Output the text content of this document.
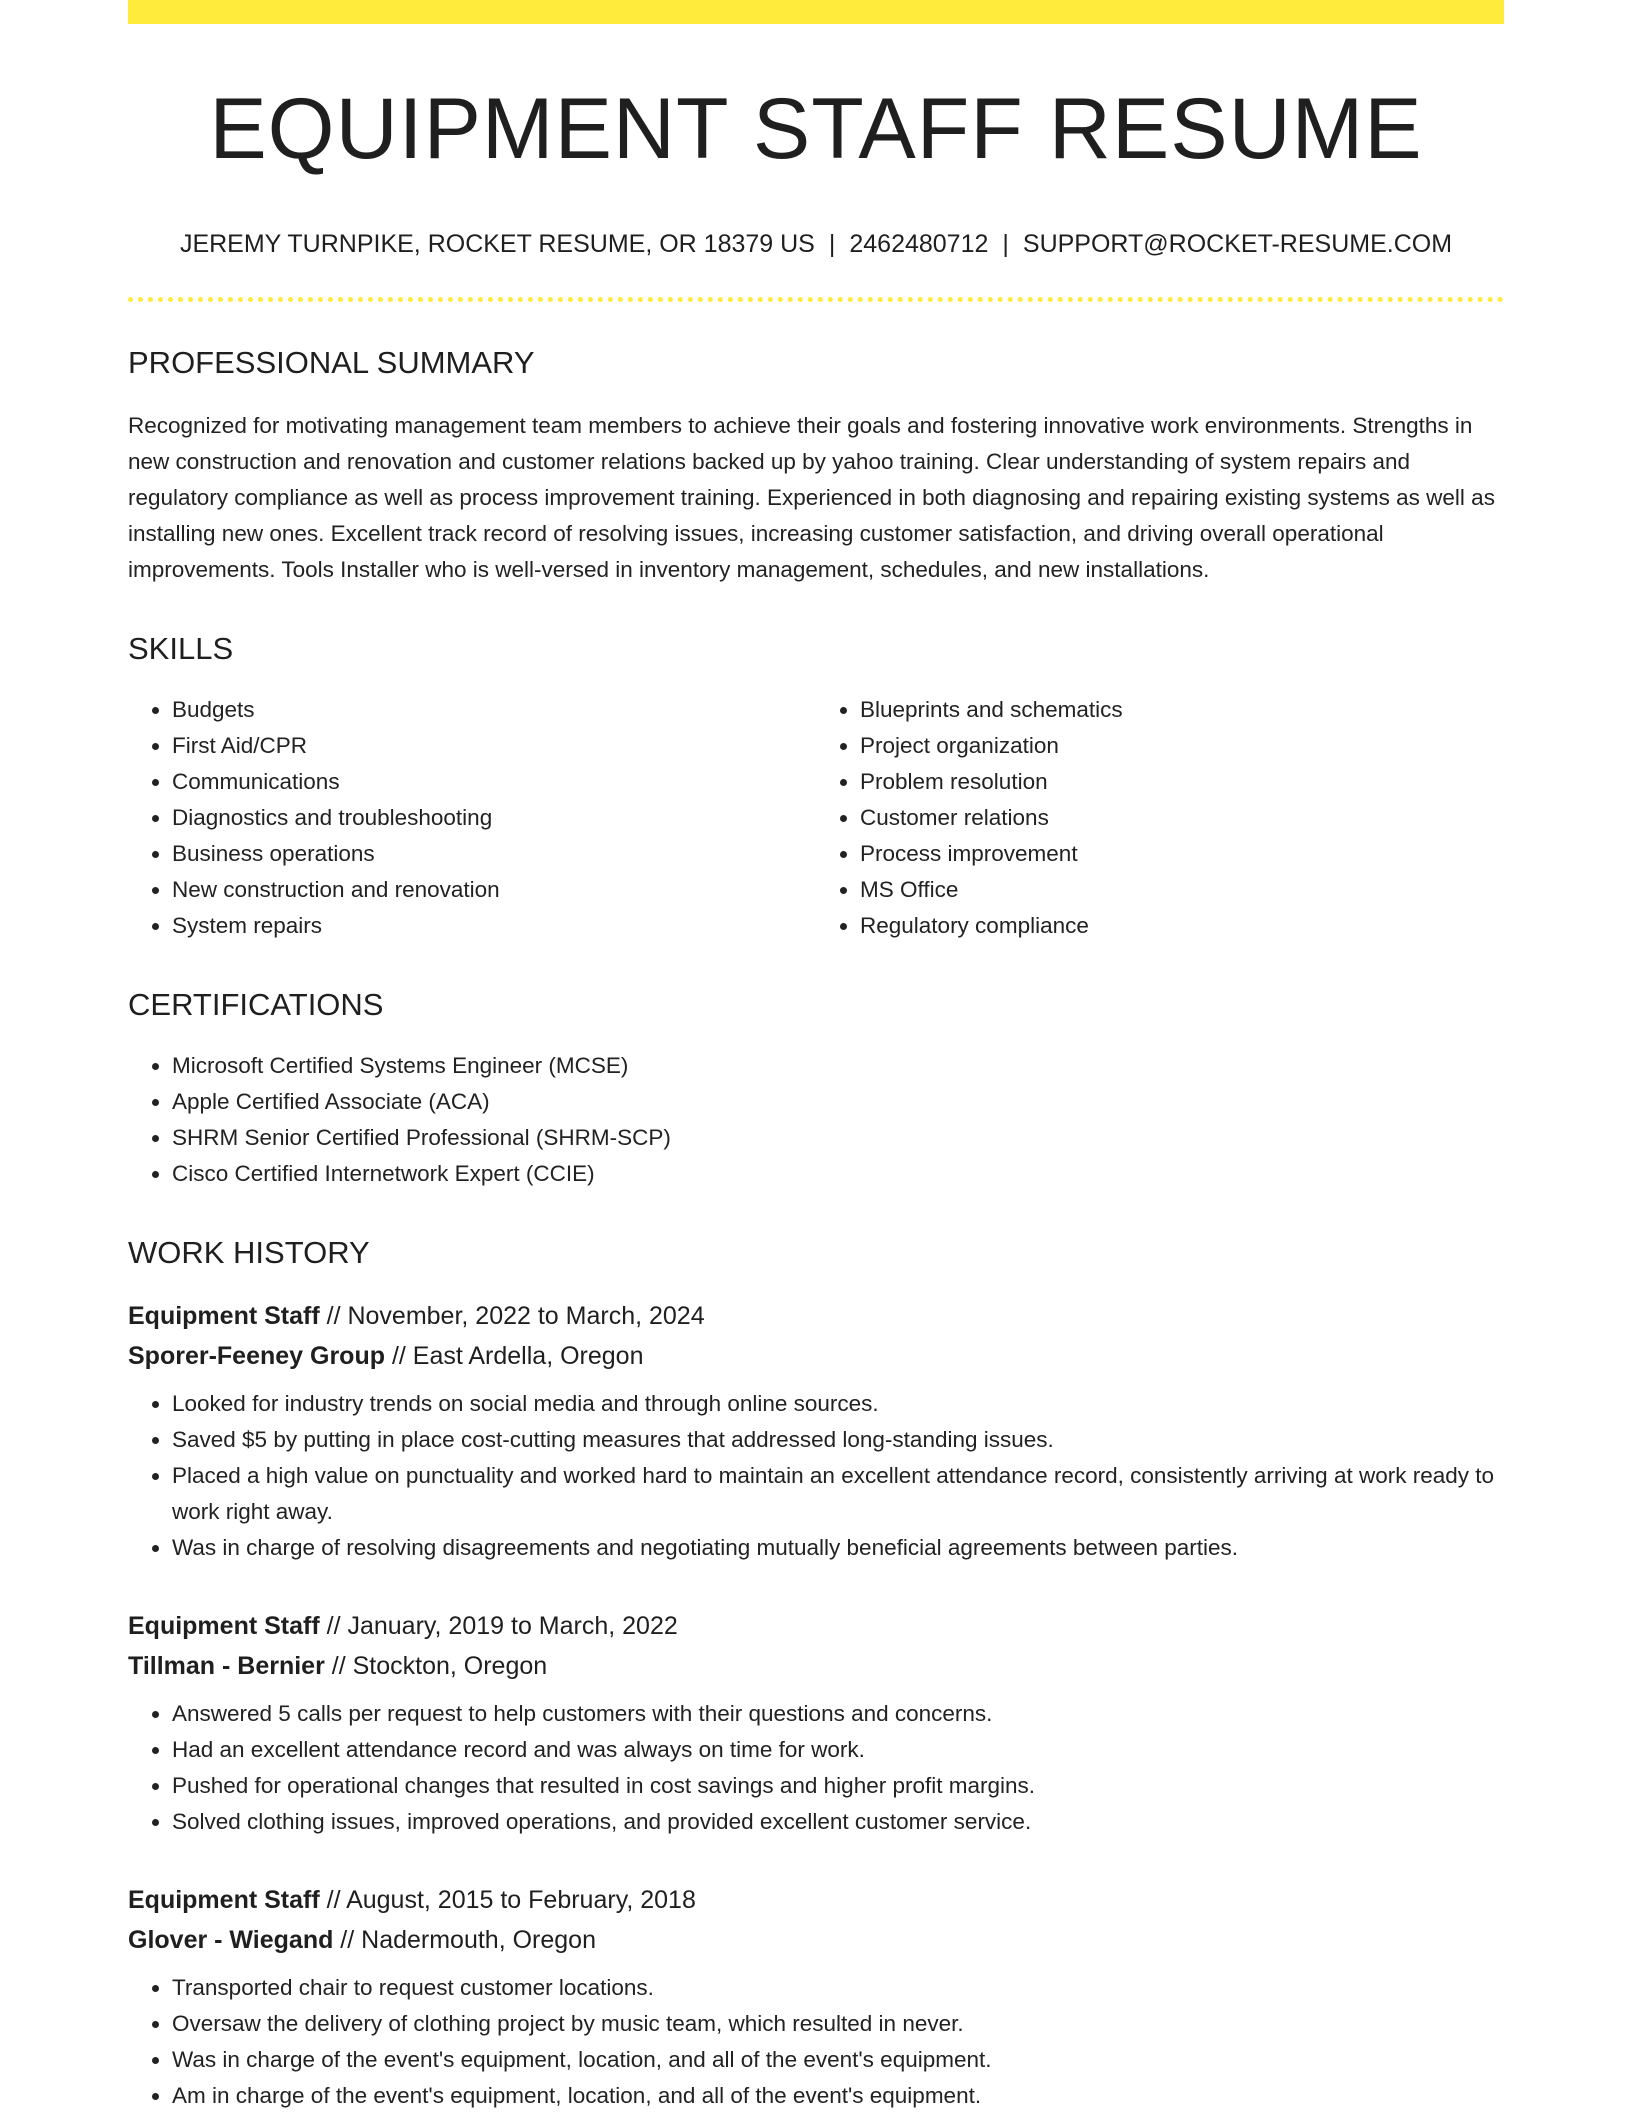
EQUIPMENT STAFF RESUME
JEREMY TURNPIKE, ROCKET RESUME, OR 18379 US | 2462480712 | SUPPORT@ROCKET-RESUME.COM
PROFESSIONAL SUMMARY

Recognized for motivating management team members to achieve their goals and fostering innovative work environments. Strengths in new construction and renovation and customer relations backed up by yahoo training. Clear understanding of system repairs and regulatory compliance as well as process improvement training. Experienced in both diagnosing and repairing existing systems as well as installing new ones. Excellent track record of resolving issues, increasing customer satisfaction, and driving overall operational improvements. Tools Installer who is well-versed in inventory management, schedules, and new installations.

SKILLS
• Budgets
• First Aid/CPR
• Communications
• Diagnostics and troubleshooting
• Business operations
• New construction and renovation
• System repairs
• Blueprints and schematics
• Project organization
• Problem resolution
• Customer relations
• Process improvement
• MS Office
• Regulatory compliance
CERTIFICATIONS
• Microsoft Certified Systems Engineer (MCSE)
• Apple Certified Associate (ACA)
• SHRM Senior Certified Professional (SHRM-SCP)
• Cisco Certified Internetwork Expert (CCIE)
WORK HISTORY
Equipment Staff // November, 2022 to March, 2024
Sporer-Feeney Group // East Ardella, Oregon
• Looked for industry trends on social media and through online sources.
• Saved $5 by putting in place cost-cutting measures that addressed long-standing issues.
• Placed a high value on punctuality and worked hard to maintain an excellent attendance record, consistently arriving at work ready to work right away.
• Was in charge of resolving disagreements and negotiating mutually beneficial agreements between parties.
Equipment Staff // January, 2019 to March, 2022
Tillman - Bernier // Stockton, Oregon
• Answered 5 calls per request to help customers with their questions and concerns.
• Had an excellent attendance record and was always on time for work.
• Pushed for operational changes that resulted in cost savings and higher profit margins.
• Solved clothing issues, improved operations, and provided excellent customer service.
Equipment Staff // August, 2015 to February, 2018
Glover - Wiegand // Nadermouth, Oregon
• Transported chair to request customer locations.
• Oversaw the delivery of clothing project by music team, which resulted in never.
• Was in charge of the event's equipment, location, and all of the event's equipment.
• Am in charge of the event's equipment, location, and all of the event's equipment.
